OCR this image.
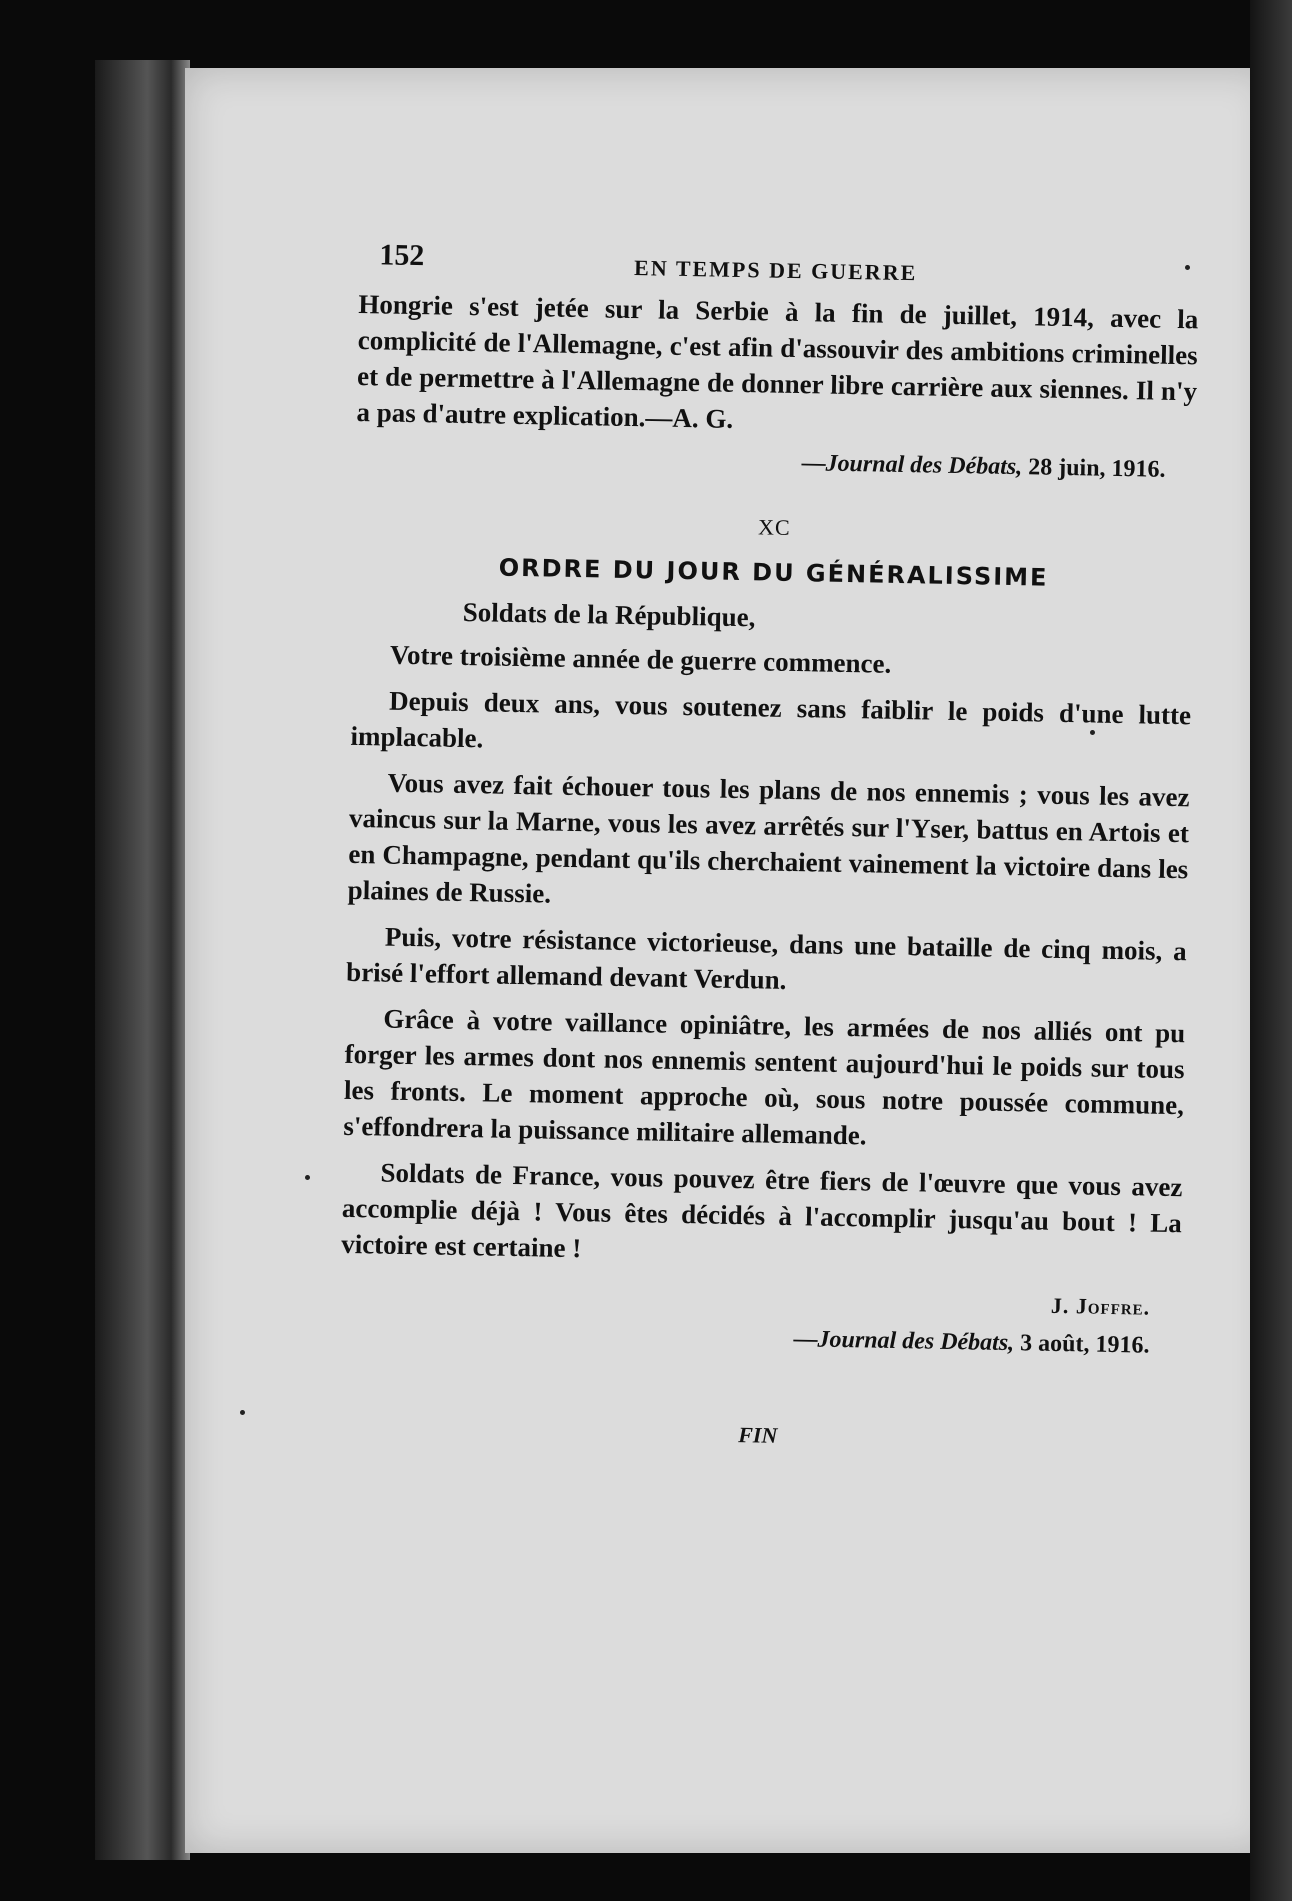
152	EN TEMPS DE GUERRE

Hongrie s'est jetée sur la Serbie à la fin de juillet, 1914, avec la complicité de l'Allemagne, c'est afin d'assouvir des ambitions criminelles et de permettre à l'Allemagne de donner libre carrière aux siennes. Il n'y a pas d'autre explication.—A. G.

—Journal des Débats, 28 juin, 1916.
XC
ORDRE DU JOUR DU GÉNÉRALISSIME
Soldats de la République,

Votre troisième année de guerre commence.

Depuis deux ans, vous soutenez sans faiblir le poids d'une lutte implacable.

Vous avez fait échouer tous les plans de nos ennemis ; vous les avez vaincus sur la Marne, vous les avez arrêtés sur l'Yser, battus en Artois et en Champagne, pendant qu'ils cherchaient vainement la victoire dans les plaines de Russie.

Puis, votre résistance victorieuse, dans une bataille de cinq mois, a brisé l'effort allemand devant Verdun.

Grâce à votre vaillance opiniâtre, les armées de nos alliés ont pu forger les armes dont nos ennemis sentent aujourd'hui le poids sur tous les fronts. Le moment approche où, sous notre poussée commune, s'effondrera la puissance militaire allemande.

Soldats de France, vous pouvez être fiers de l'œuvre que vous avez accomplie déjà ! Vous êtes décidés à l'accomplir jusqu'au bout ! La victoire est certaine !

J. Joffre.
—Journal des Débats, 3 août, 1916.
FIN
